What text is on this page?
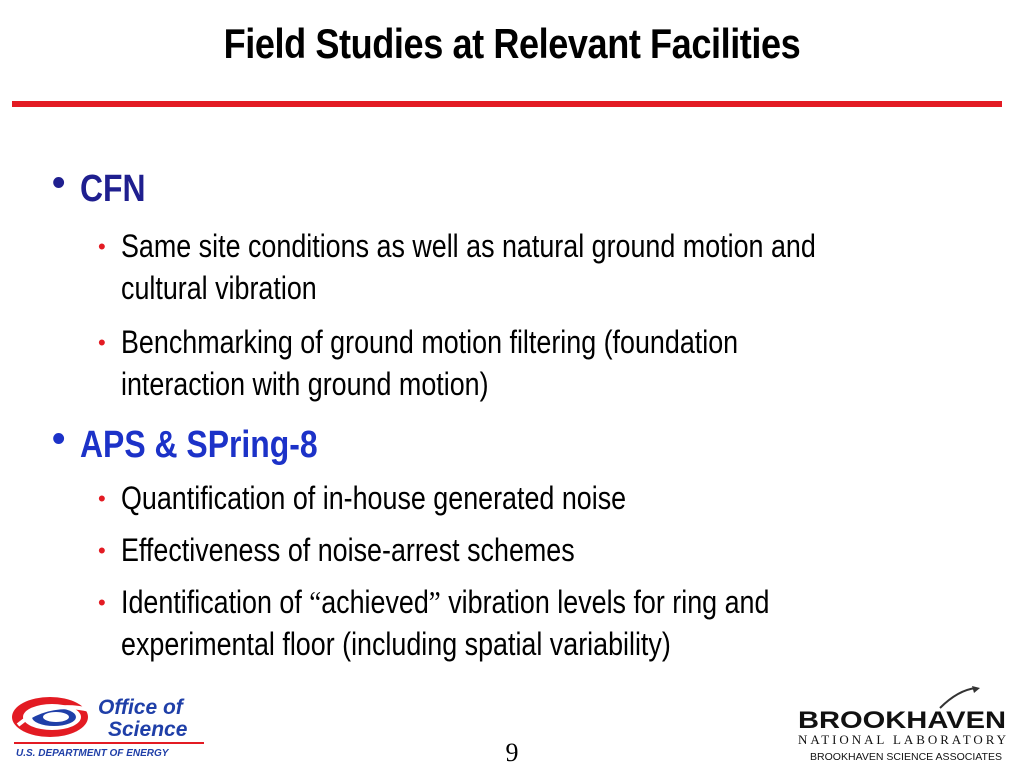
Field Studies at Relevant Facilities
• CFN
• Same site conditions as well as natural ground motion and
cultural vibration
• Benchmarking of ground motion filtering (foundation
interaction with ground motion)
• APS & SPring-8
• Quantification of in-house generated noise
• Effectiveness of noise-arrest schemes
• Identification of “achieved” vibration levels for ring and
experimental floor (including spatial variability)
Office of
Science
U.S. DEPARTMENT OF ENERGY	9
BROOKHAVEN
NATIONAL LABORATORY
BROOKHAVEN SCIENCE ASSOCIATES
